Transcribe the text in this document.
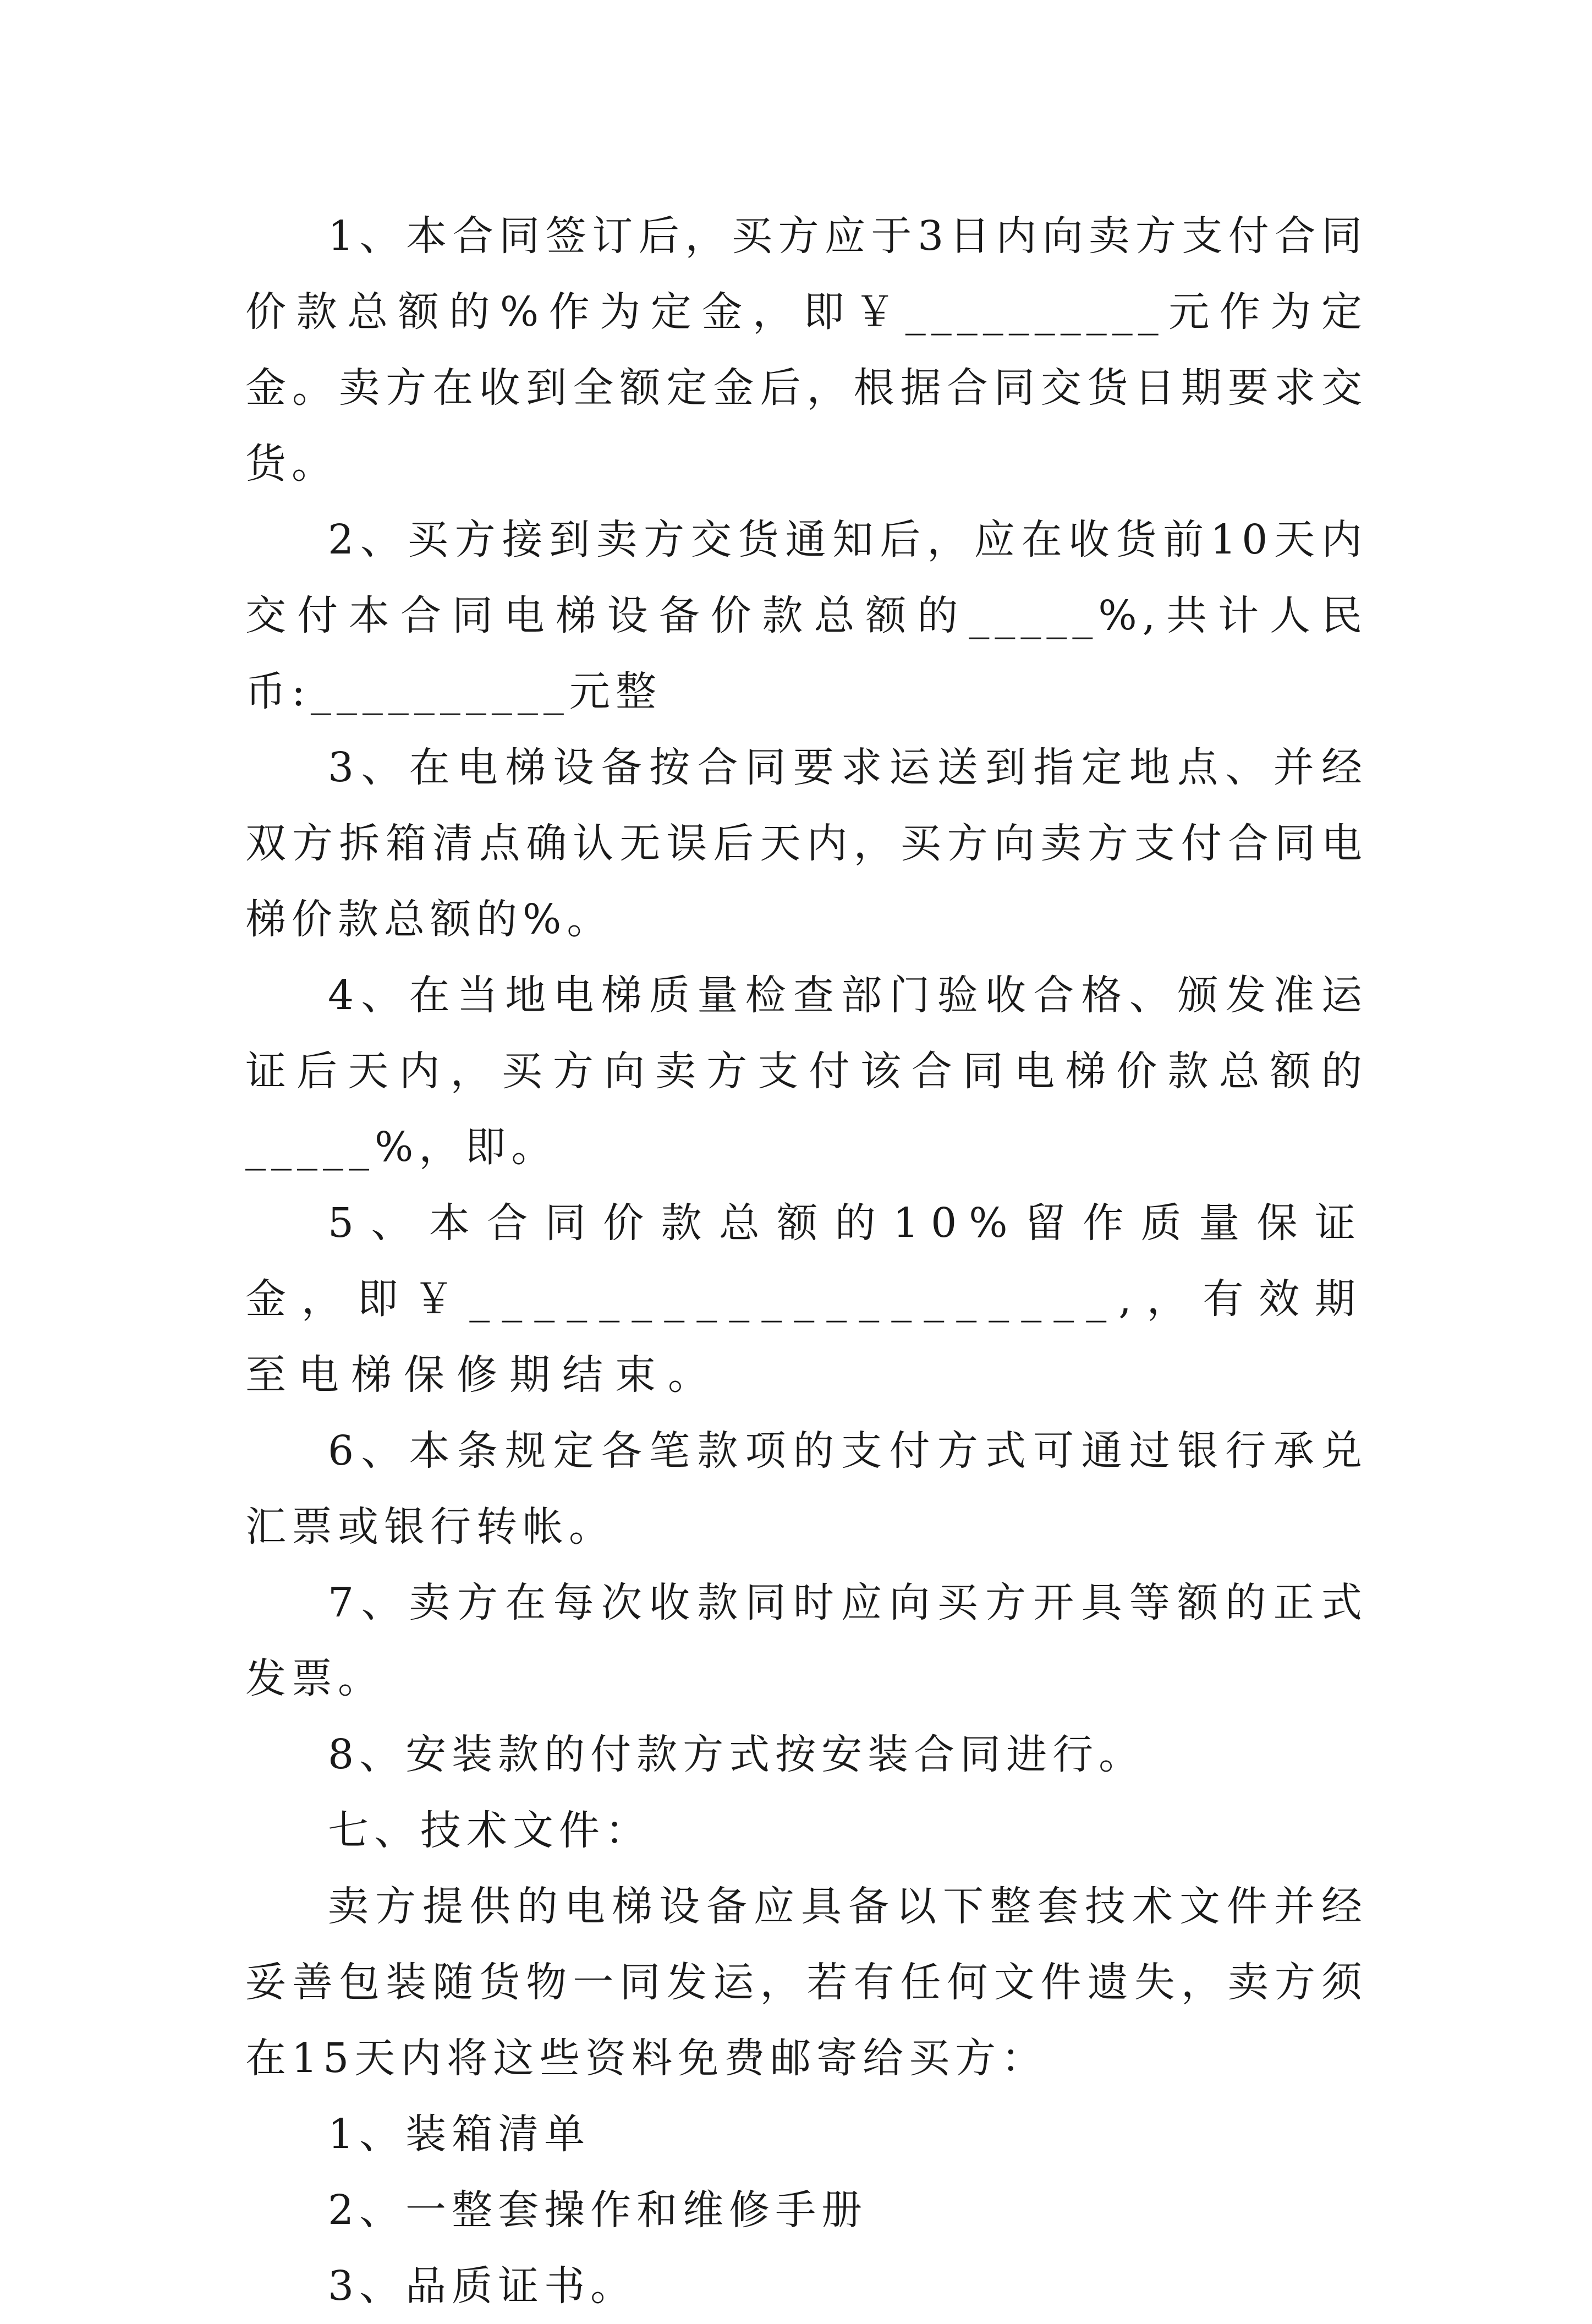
1、本合同签订后，买方应于3日内向卖方支付合同价款总额的%作为定金，即￥__________元作为定金。卖方在收到全额定金后，根据合同交货日期要求交货。

2、买方接到卖方交货通知后，应在收货前10天内交付本合同电梯设备价款总额的_____%,共计人民币:__________元整

3、在电梯设备按合同要求运送到指定地点、并经双方拆箱清点确认无误后天内，买方向卖方支付合同电梯价款总额的%。

4、在当地电梯质量检查部门验收合格、颁发准运证后天内，买方向卖方支付该合同电梯价款总额的_____%，即。

5、本合同价款总额的10%留作质量保证金，即￥____________________,，有效期至电梯保修期结束。

6、本条规定各笔款项的支付方式可通过银行承兑汇票或银行转帐。

7、卖方在每次收款同时应向买方开具等额的正式发票。

8、安装款的付款方式按安装合同进行。

七、技术文件：

卖方提供的电梯设备应具备以下整套技术文件并经妥善包装随货物一同发运，若有任何文件遗失，卖方须在15天内将这些资料免费邮寄给买方：

1、装箱清单

2、一整套操作和维修手册

3、品质证书。
